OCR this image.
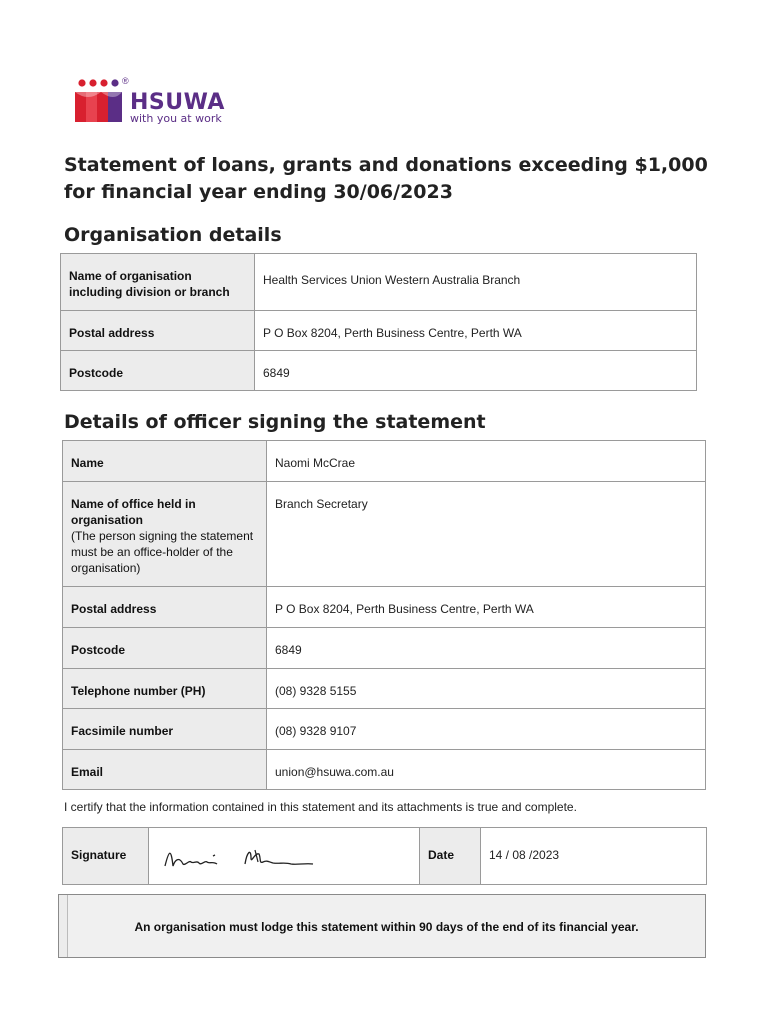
®
HSUWA
with you at work
Statement of loans, grants and donations exceeding $1,000 for financial year ending 30/06/2023
Organisation details
Name of organisation including division or branch	Health Services Union Western Australia Branch
Postal address	P O Box 8204, Perth Business Centre, Perth WA
Postcode	6849
Details of officer signing the statement
Name	Naomi McCrae
Name of office held in organisation
(The person signing the statement must be an office-holder of the organisation)	Branch Secretary
Postal address	P O Box 8204, Perth Business Centre, Perth WA
Postcode	6849
Telephone number (PH)	(08) 9328 5155
Facsimile number	(08) 9328 9107
Email	union@hsuwa.com.au
I certify that the information contained in this statement and its attachments is true and complete.
Signature		Date	14 / 08 /2023
An organisation must lodge this statement within 90 days of the end of its financial year.
